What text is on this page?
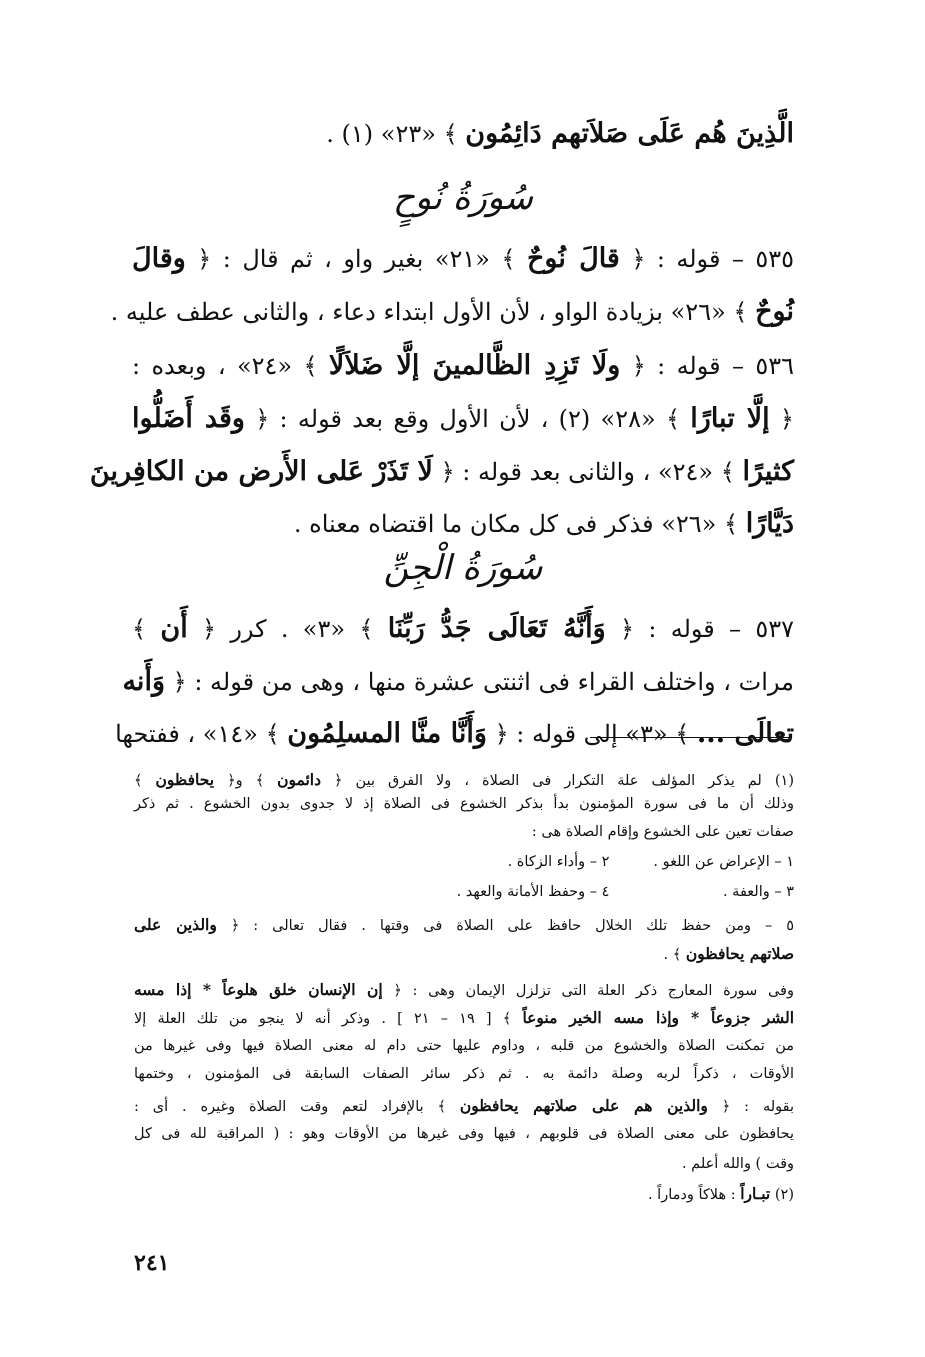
الَّذِينَ هُم عَلَى صَلاَتهم دَائِمُون ﴾ «٢٣» (١) .
سُورَةُ نُوحٍ
٥٣٥ – قوله : ﴿ قالَ نُوحٌ ﴾ «٢١» بغير واو ، ثم قال : ﴿ وقالَ
نُوحٌ ﴾ «٢٦» بزيادة الواو ، لأن الأول ابتداء دعاء ، والثانى عطف عليه .
٥٣٦ – قوله : ﴿ ولَا تَزِدِ الظَّالمينَ إلَّا ضَلاَلًا ﴾ «٢٤» ، وبعده :
﴿ إلَّا تبارًا ﴾ «٢٨» (٢) ، لأن الأول وقع بعد قوله : ﴿ وقَد أَضَلُّوا
كثيرًا ﴾ «٢٤» ، والثانى بعد قوله : ﴿ لَا تَذَرْ عَلى الأَرض من الكافِرينَ
دَيَّارًا ﴾ «٢٦» فذكر فى كل مكان ما اقتضاه معناه .
سُورَةُ الْجِنِّ
٥٣٧ – قوله : ﴿ وَأَنَّهُ تَعَالَى جَدُّ رَبِّنَا ﴾ «٣» . كرر ﴿ أَن ﴾
مرات ، واختلف القراء فى اثنتى عشرة منها ، وهى من قوله : ﴿ وَأَنه
تعالَى ... ﴾ «٣» إلى قوله : ﴿ وَأَنَّا منَّا المسلِمُون ﴾ «١٤» ، ففتحها
(١) لم يذكر المؤلف علة التكرار فى الصلاة ، ولا الفرق بين ﴿ دائمون ﴾ و﴿ يحافظون ﴾
وذلك أن ما فى سورة المؤمنون بدأ بذكر الخشوع فى الصلاة إذ لا جدوى بدون الخشوع . ثم ذكر
صفات تعين على الخشوع وإقام الصلاة هى :
١ – الإعراض عن اللغو . ٢ – وأداء الزكاة .
٣ – والعفة . ٤ – وحفظ الأمانة والعهد .
٥ – ومن حفظ تلك الخلال حافظ على الصلاة فى وقتها . فقال تعالى : ﴿ والذين على
صلاتهم يحافظون ﴾ .
وفى سورة المعارج ذكر العلة التى تزلزل الإيمان وهى : ﴿ إن الإنسان خلق هلوعاً * إذا مسه
الشر جزوعاً * وإذا مسه الخير منوعاً ﴾ [ ١٩ – ٢١ ] . وذكر أنه لا ينجو من تلك العلة إلا
من تمكنت الصلاة والخشوع من قلبه ، وداوم عليها حتى دام له معنى الصلاة فيها وفى غيرها من
الأوقات ، ذكراً لربه وصلة دائمة به . ثم ذكر سائر الصفات السابقة فى المؤمنون ، وختمها
بقوله : ﴿ والذين هم على صلاتهم يحافظون ﴾ بالإفراد لتعم وقت الصلاة وغيره . أى :
يحافظون على معنى الصلاة فى قلوبهم ، فيها وفى غيرها من الأوقات وهو : ( المراقبة لله فى كل
وقت ) والله أعلم .
(٢) تبـاراً : هلاكاً ودماراً .
٢٤١
